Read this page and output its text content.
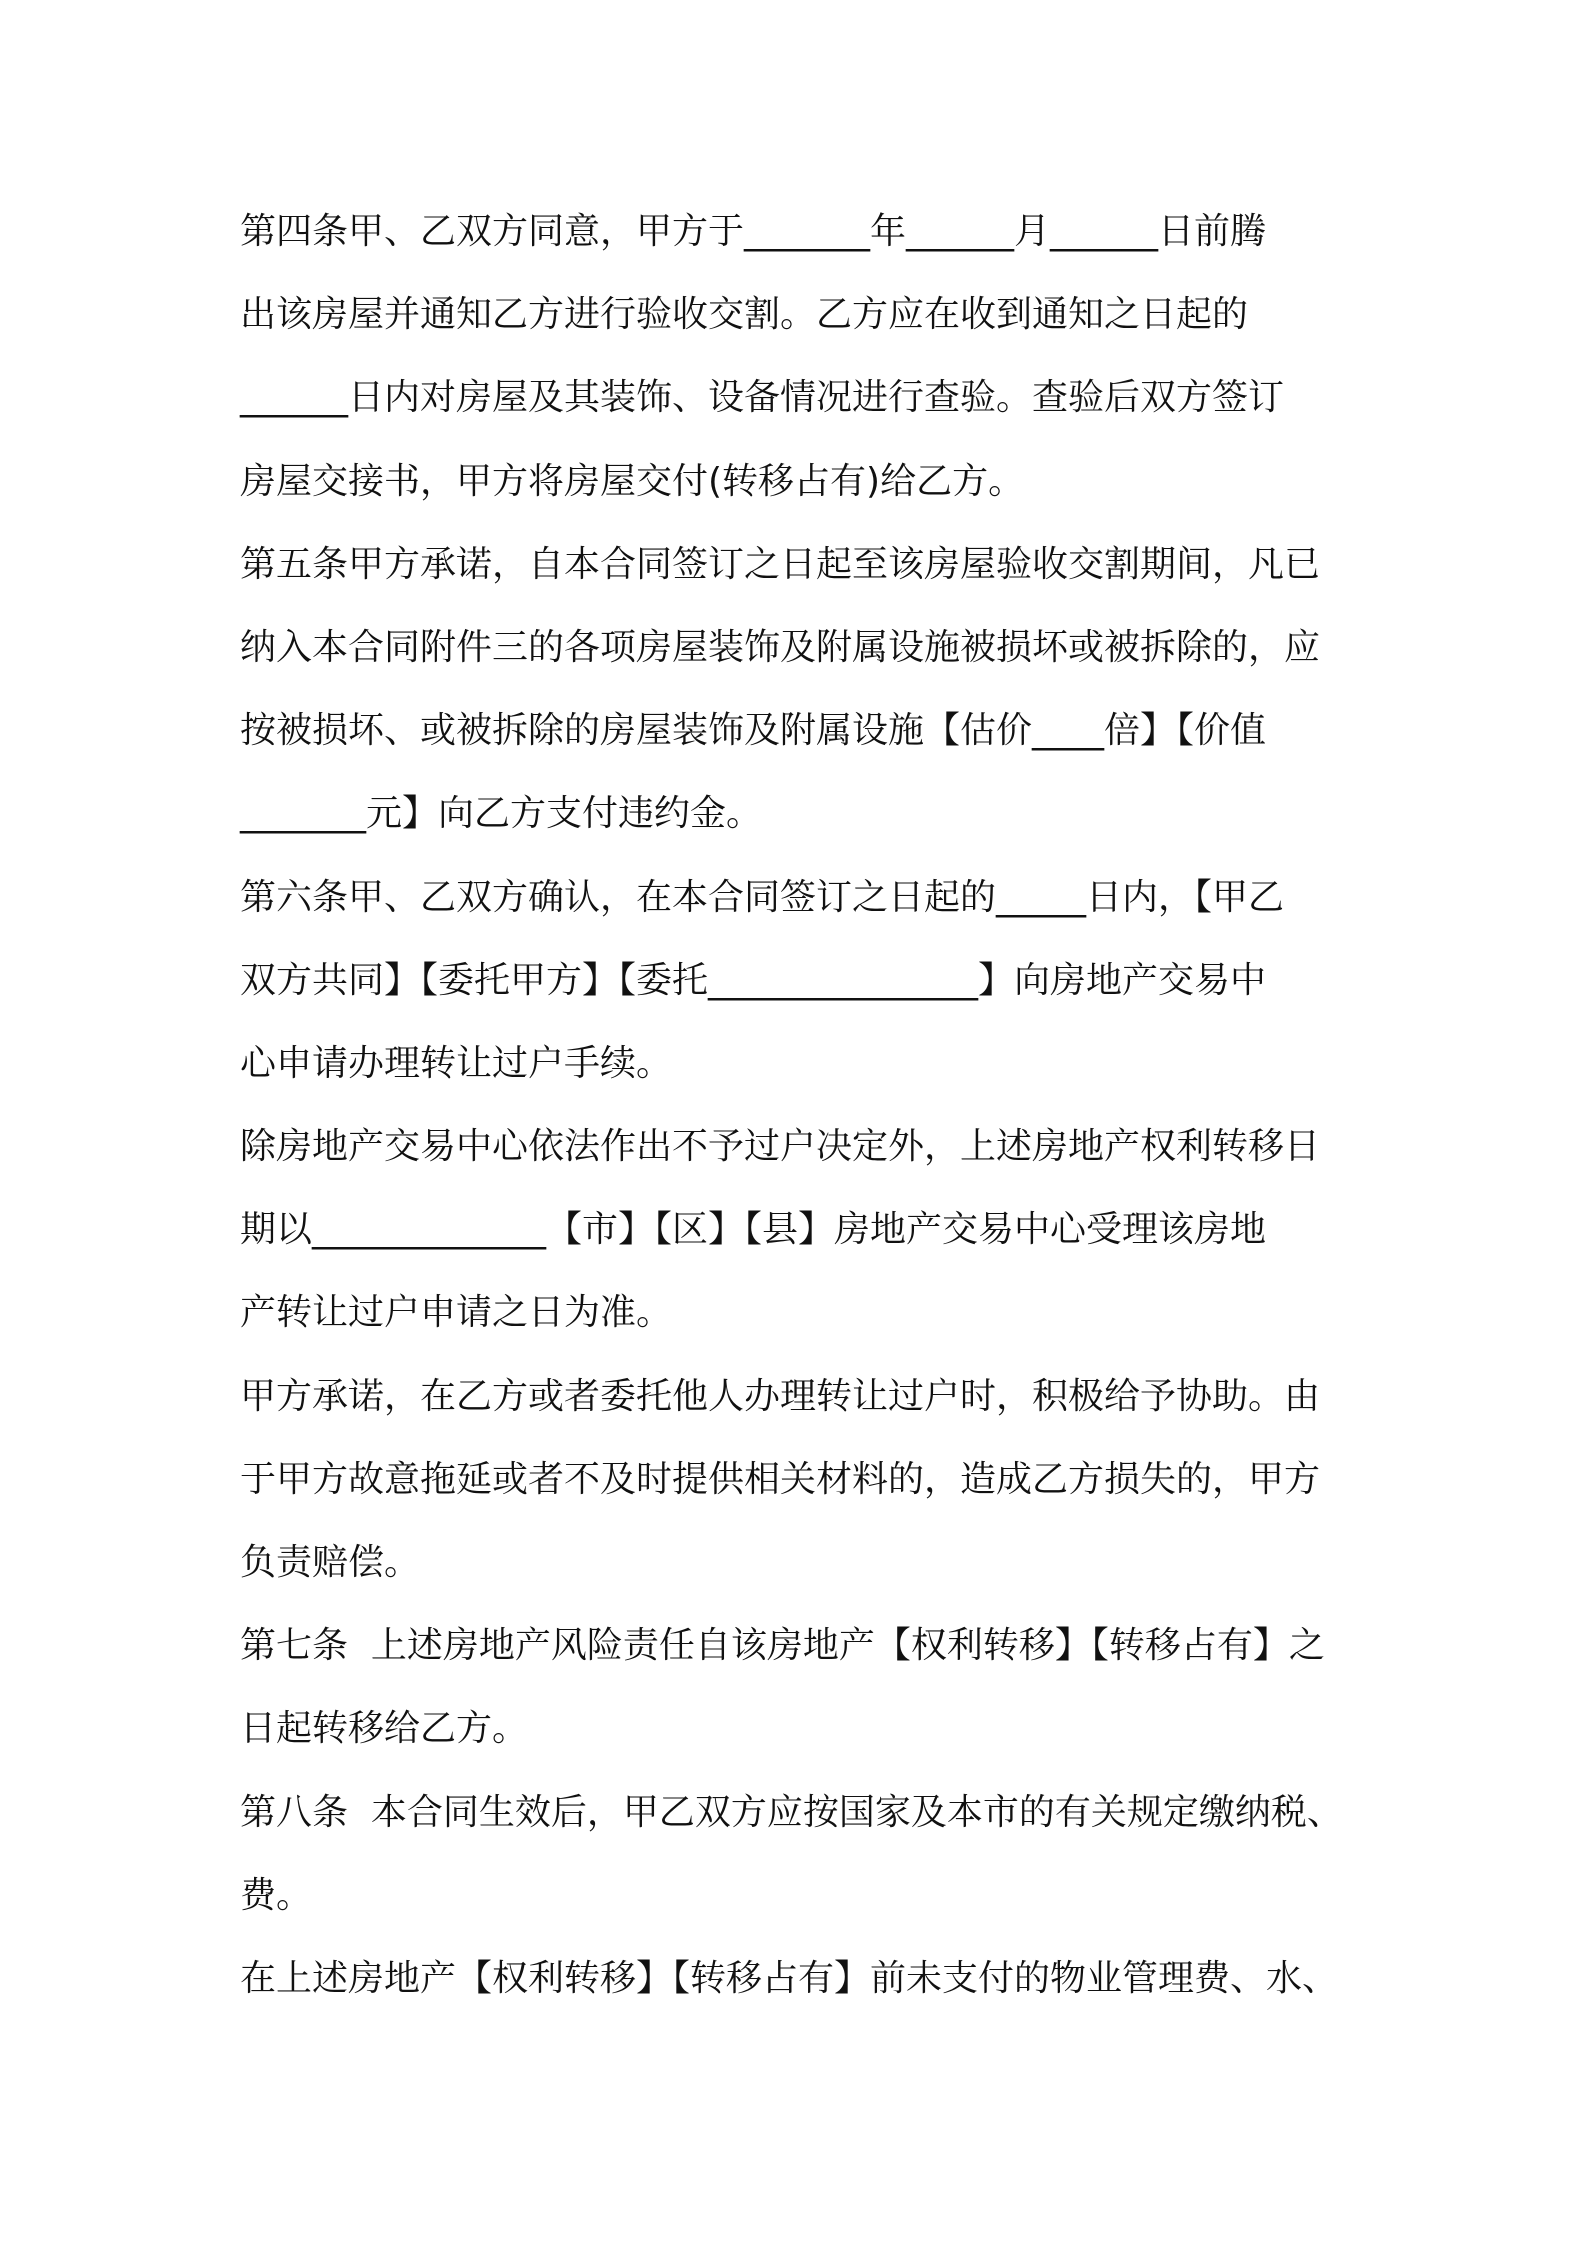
第四条甲、乙双方同意，甲方于_______年______月______日前腾
出该房屋并通知乙方进行验收交割。乙方应在收到通知之日起的
______日内对房屋及其装饰、设备情况进行查验。查验后双方签订
房屋交接书，甲方将房屋交付(转移占有)给乙方。
第五条甲方承诺，自本合同签订之日起至该房屋验收交割期间，凡已
纳入本合同附件三的各项房屋装饰及附属设施被损坏或被拆除的，应
按被损坏、或被拆除的房屋装饰及附属设施【估价____倍】【价值
_______元】向乙方支付违约金。
第六条甲、乙双方确认，在本合同签订之日起的_____日内，【甲乙
双方共同】【委托甲方】【委托_______________】向房地产交易中
心申请办理转让过户手续。
除房地产交易中心依法作出不予过户决定外，上述房地产权利转移日
期以_____________【市】【区】【县】房地产交易中心受理该房地
产转让过户申请之日为准。
甲方承诺，在乙方或者委托他人办理转让过户时，积极给予协助。由
于甲方故意拖延或者不及时提供相关材料的，造成乙方损失的，甲方
负责赔偿。
第七条  上述房地产风险责任自该房地产【权利转移】【转移占有】之
日起转移给乙方。
第八条  本合同生效后，甲乙双方应按国家及本市的有关规定缴纳税、
费。
在上述房地产【权利转移】【转移占有】前未支付的物业管理费、水、
